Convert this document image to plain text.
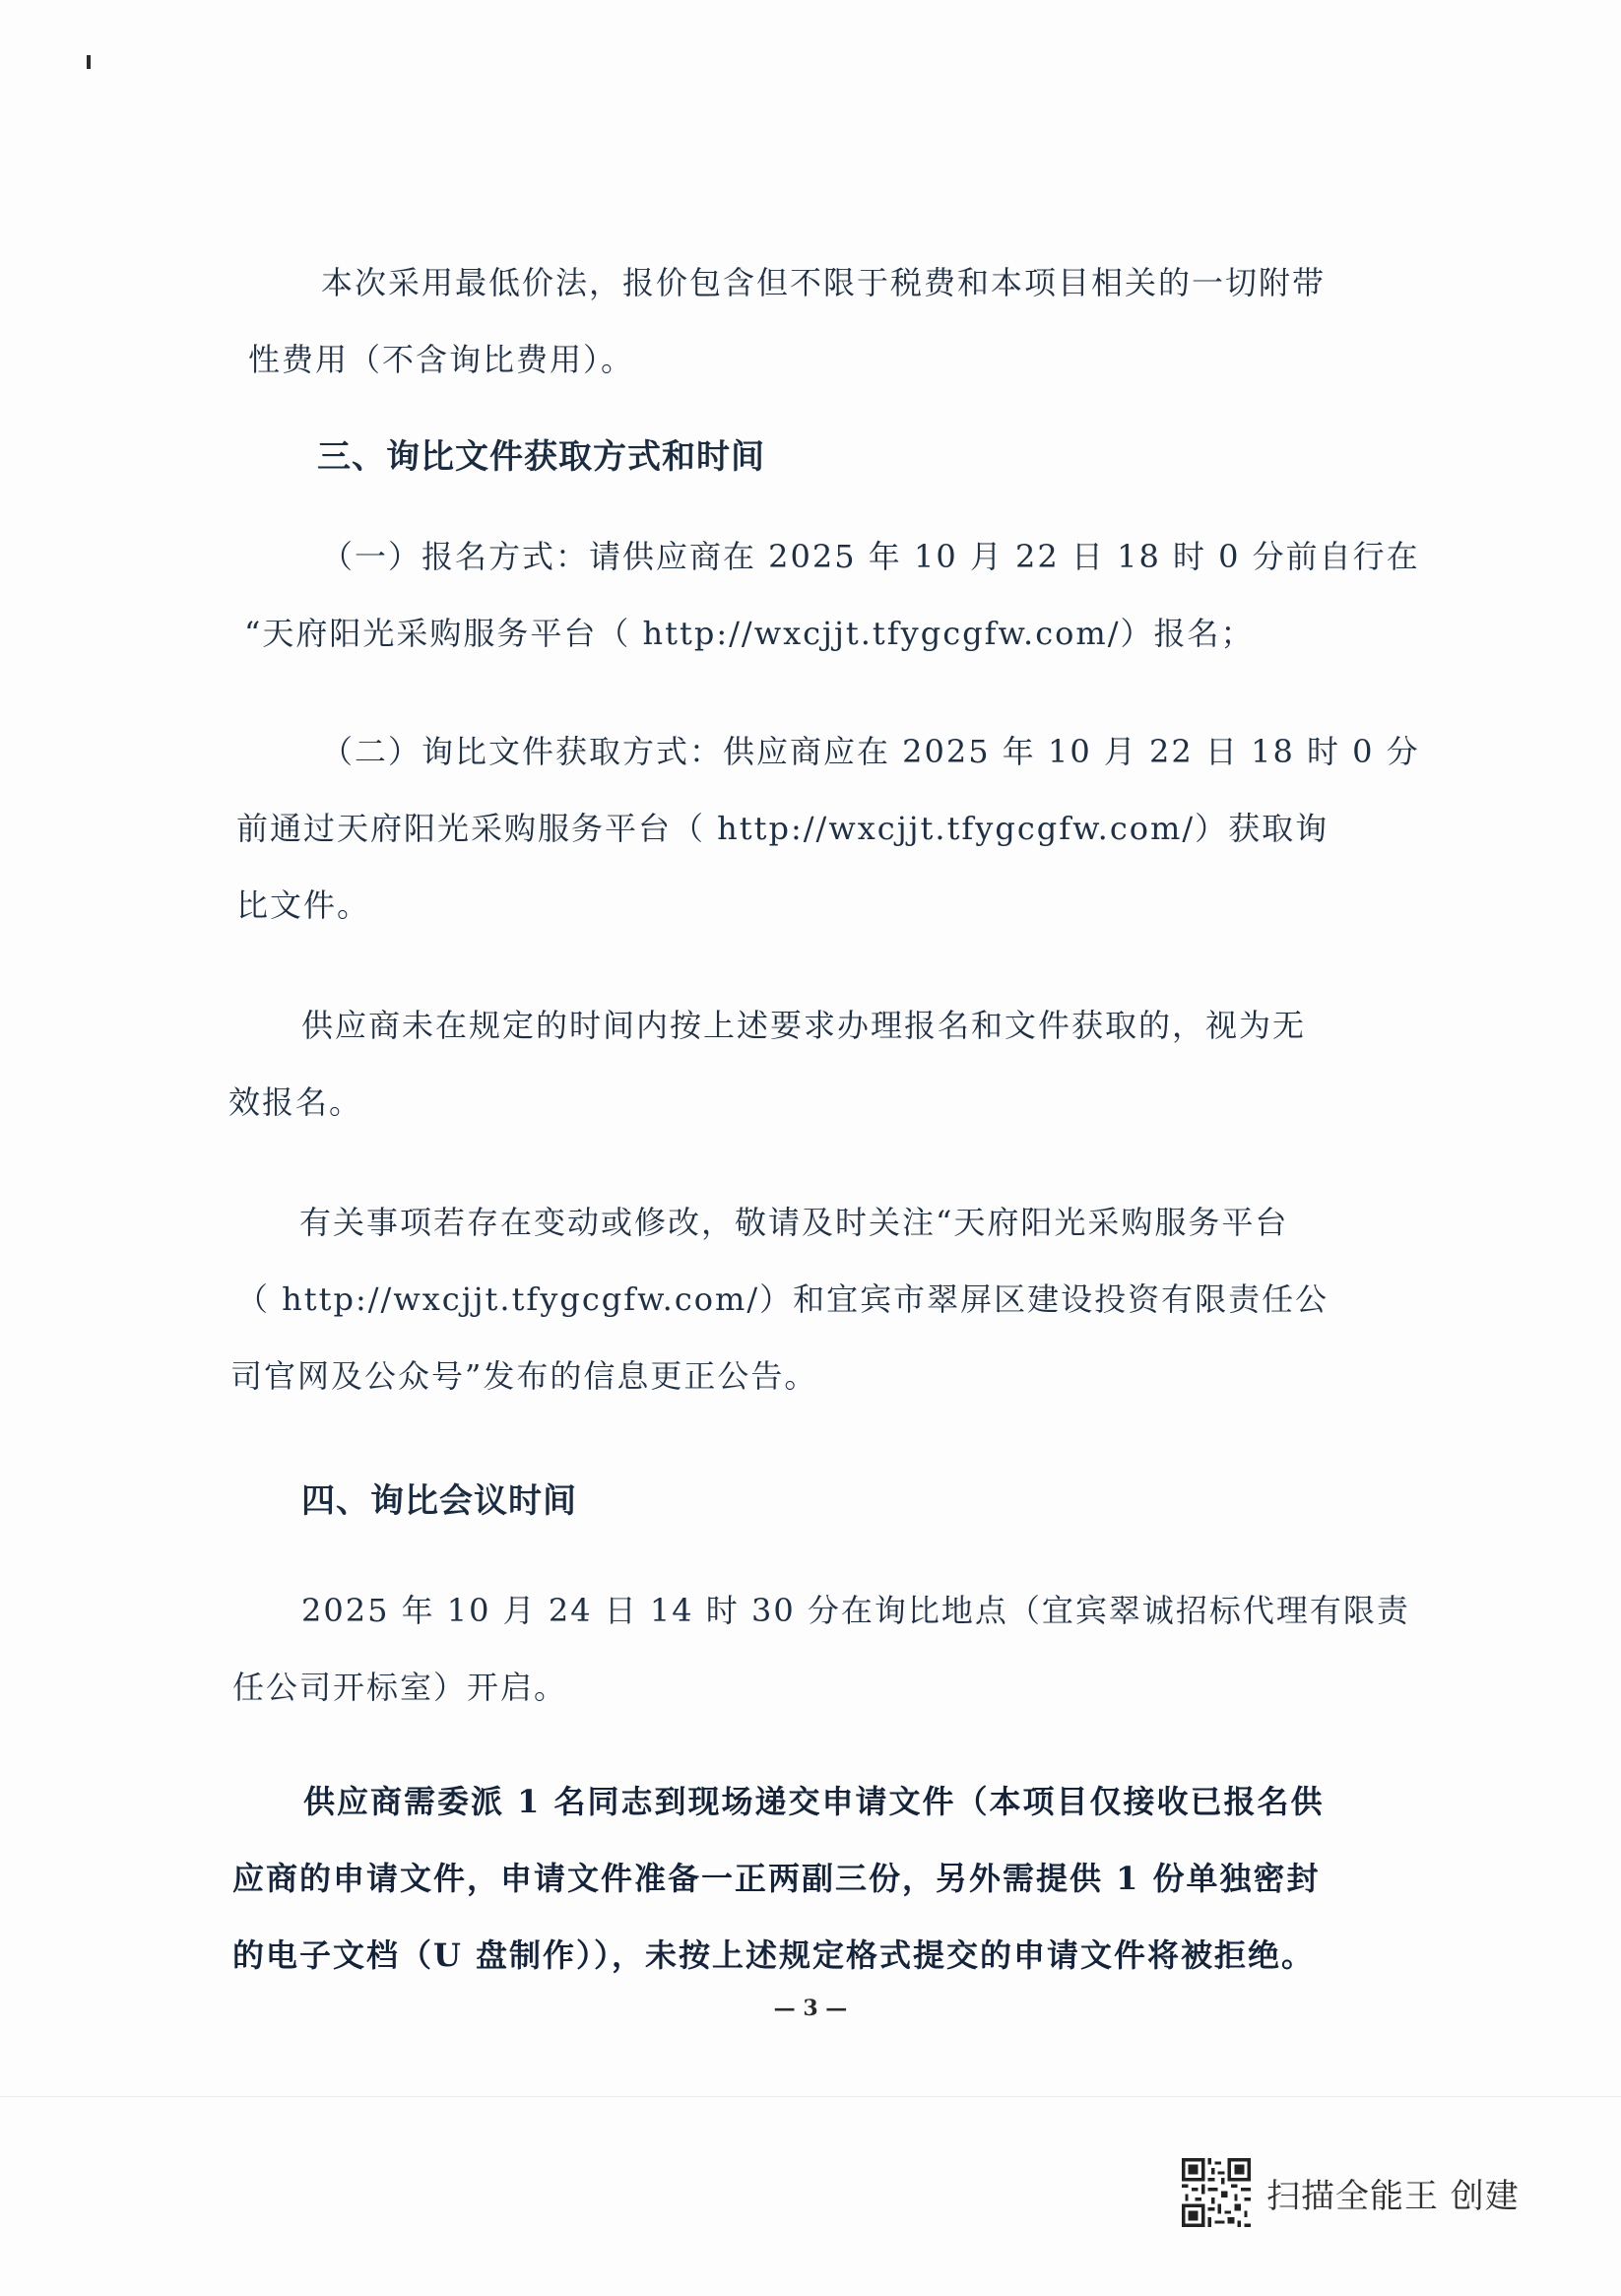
本次采用最低价法，报价包含但不限于税费和本项目相关的一切附带
性费用（不含询比费用）。
三、询比文件获取方式和时间
（一）报名方式：请供应商在 2025 年 10 月 22 日 18 时 0 分前自行在
“天府阳光采购服务平台（ http://wxcjjt.tfygcgfw.com/）报名；
（二）询比文件获取方式：供应商应在 2025 年 10 月 22 日 18 时 0 分
前通过天府阳光采购服务平台（ http://wxcjjt.tfygcgfw.com/）获取询
比文件。
供应商未在规定的时间内按上述要求办理报名和文件获取的，视为无
效报名。
有关事项若存在变动或修改，敬请及时关注“天府阳光采购服务平台
（ http://wxcjjt.tfygcgfw.com/）和宜宾市翠屏区建设投资有限责任公
司官网及公众号”发布的信息更正公告。
四、询比会议时间
2025 年 10 月 24 日 14 时 30 分在询比地点（宜宾翠诚招标代理有限责
任公司开标室）开启。
供应商需委派 1 名同志到现场递交申请文件（本项目仅接收已报名供
应商的申请文件，申请文件准备一正两副三份，另外需提供 1 份单独密封
的电子文档（U 盘制作）），未按上述规定格式提交的申请文件将被拒绝。
— 3 —
扫描全能王 创建
